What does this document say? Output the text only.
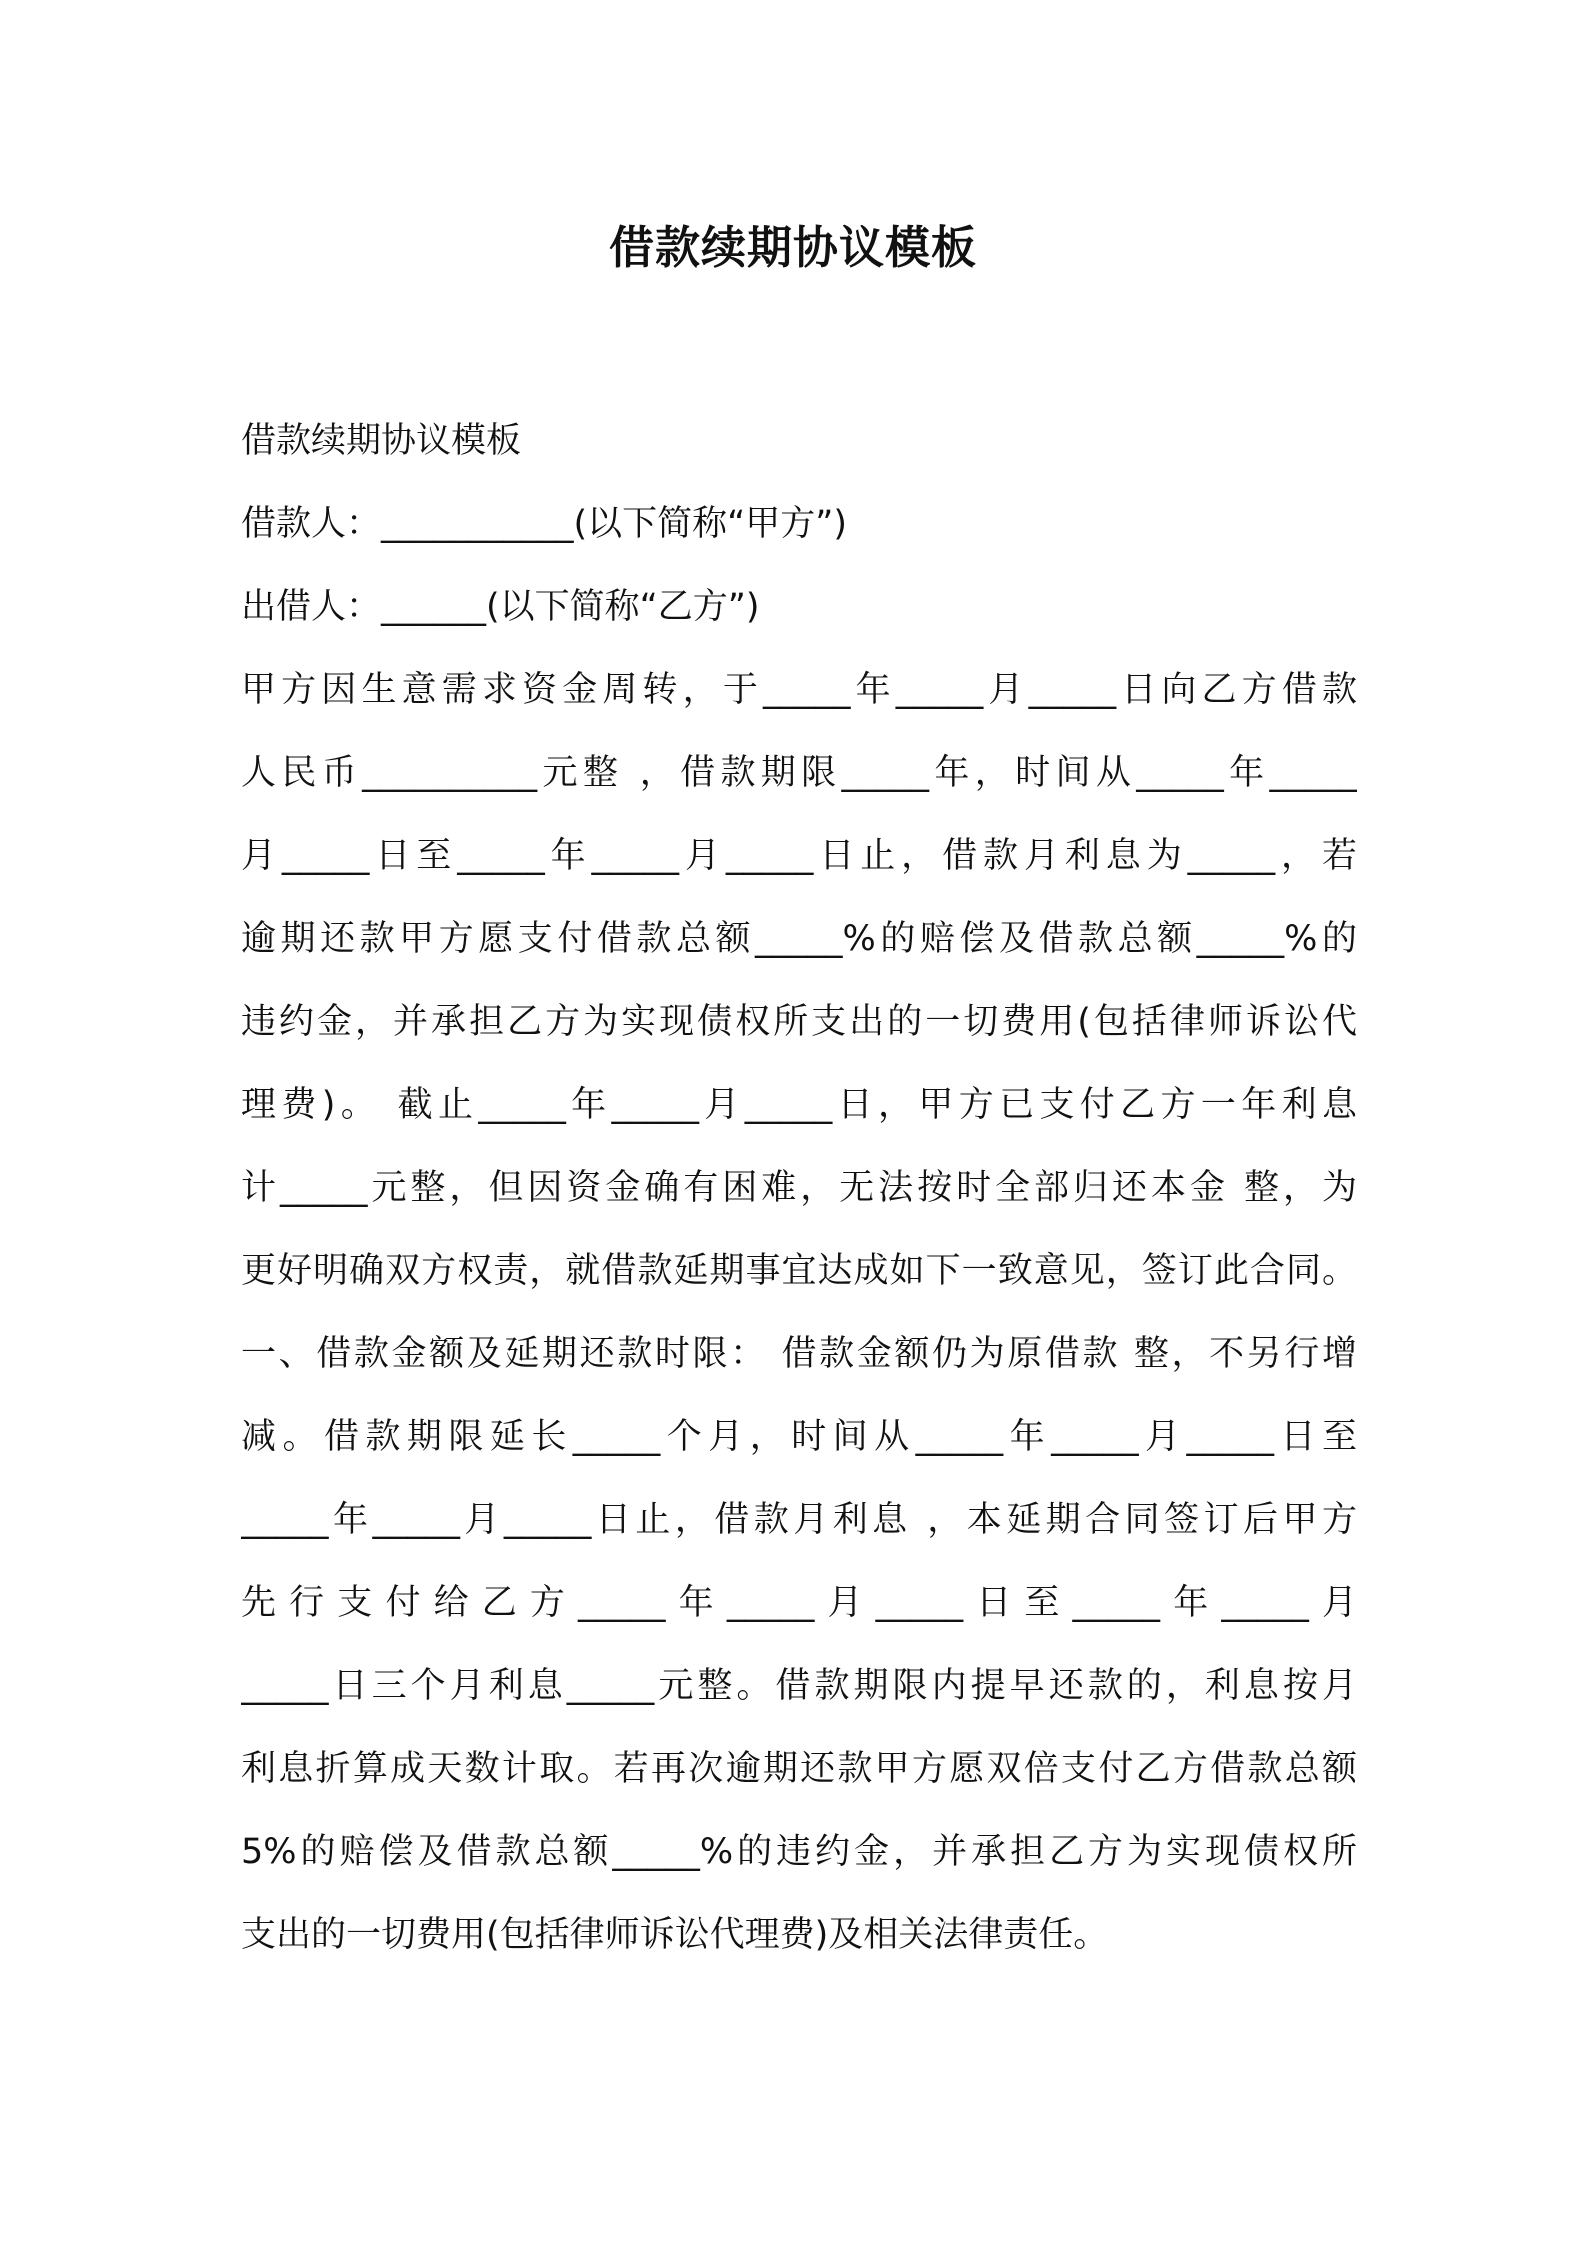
借款续期协议模板
借款续期协议模板
借款人：___________(以下简称“甲方”)
出借人：______(以下简称“乙方”)
甲方因生意需求资金周转，于_____年_____月_____日向乙方借款
人民币__________元整 ，借款期限_____年，时间从_____年_____
月_____日至_____年_____月_____日止，借款月利息为_____，若
逾期还款甲方愿支付借款总额_____%的赔偿及借款总额_____%的
违约金，并承担乙方为实现债权所支出的一切费用(包括律师诉讼代
理费)。 截止_____年_____月_____日，甲方已支付乙方一年利息
计_____元整，但因资金确有困难，无法按时全部归还本金 整，为
更好明确双方权责，就借款延期事宜达成如下一致意见，签订此合同。
一、借款金额及延期还款时限： 借款金额仍为原借款 整，不另行增
减。借款期限延长_____个月，时间从_____年_____月_____日至
_____年_____月_____日止，借款月利息 ，本延期合同签订后甲方
先行支付给乙方_____年_____月_____日至_____年_____月
_____日三个月利息_____元整。借款期限内提早还款的，利息按月
利息折算成天数计取。若再次逾期还款甲方愿双倍支付乙方借款总额
5%的赔偿及借款总额_____%的违约金，并承担乙方为实现债权所
支出的一切费用(包括律师诉讼代理费)及相关法律责任。
